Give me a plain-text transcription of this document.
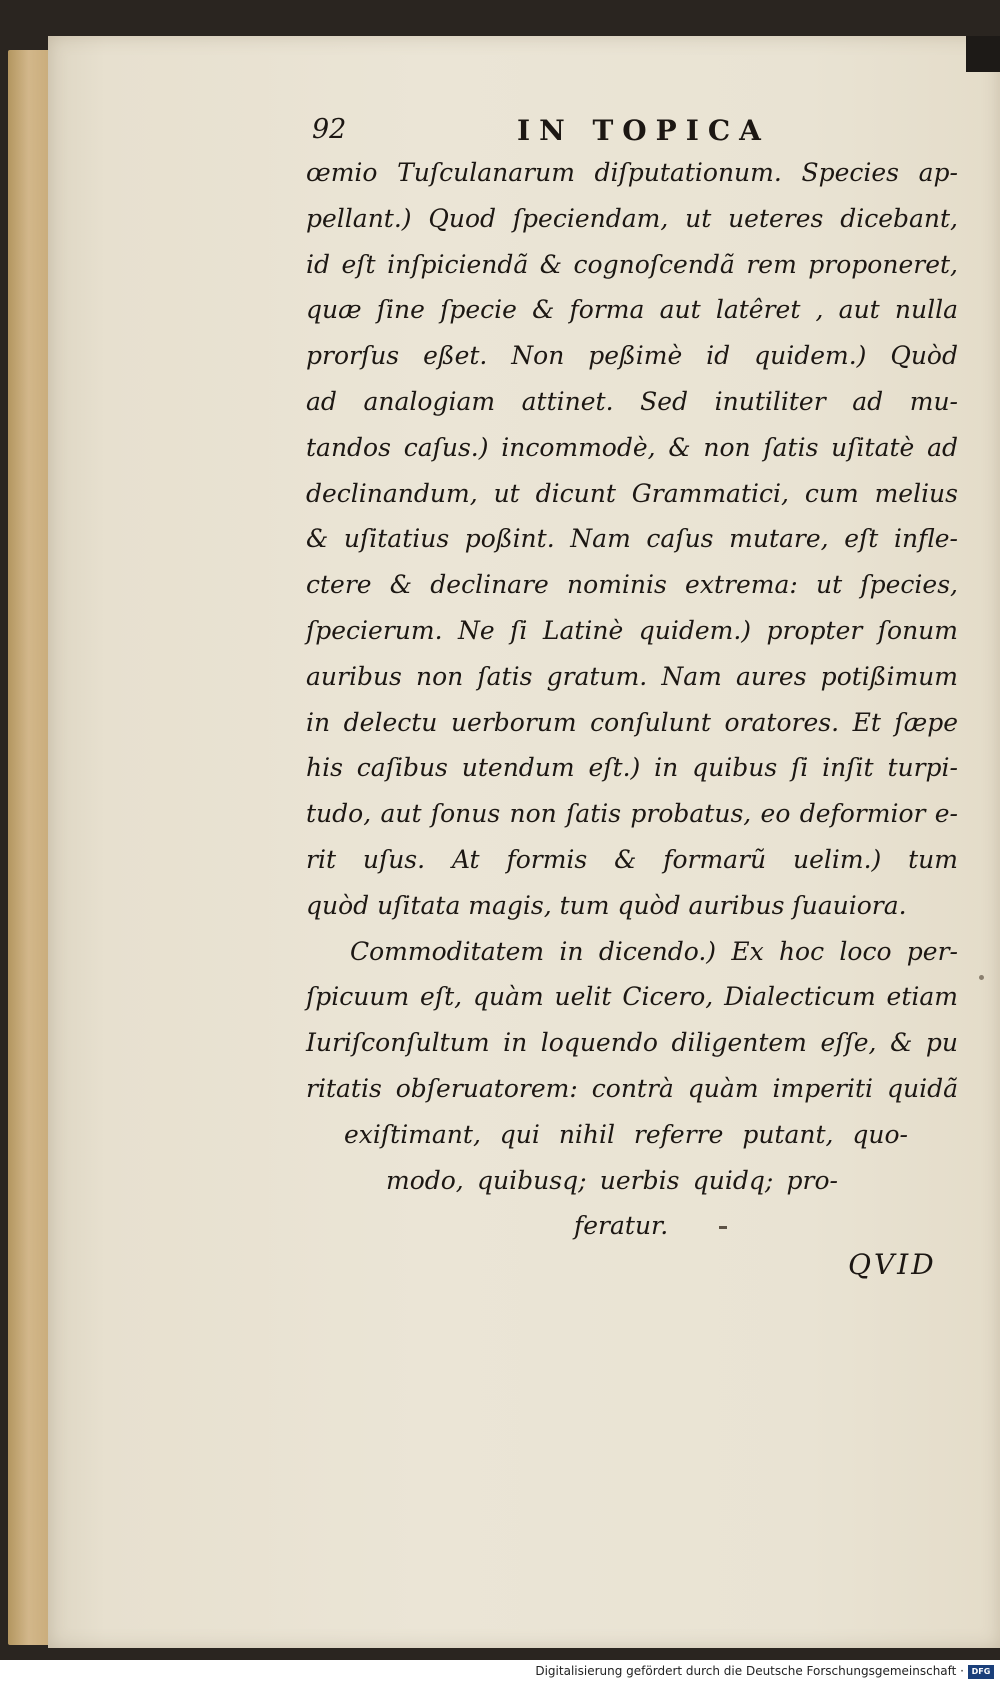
92	IN TOPICA
œmio Tuſculanarum diſputationum. Species ap-
pellant.) Quod ſpeciendam, ut ueteres dicebant,
id eſt inſpiciendã & cognoſcendã rem proponeret,
quæ ſine ſpecie & forma aut latêret , aut nulla
prorſus eßet. Non peßimè id quidem.) Quòd
ad analogiam attinet. Sed inutiliter ad mu-
tandos caſus.) incommodè, & non ſatis uſitatè ad
declinandum, ut dicunt Grammatici, cum melius
& uſitatius poßint. Nam caſus mutare, eſt infle-
ctere & declinare nominis extrema: ut ſpecies,
ſpecierum. Ne ſi Latinè quidem.) propter ſonum
auribus non ſatis gratum. Nam aures potißimum
in delectu uerborum conſulunt oratores. Et ſæpe
his caſibus utendum eſt.) in quibus ſi inſit turpi-
tudo, aut ſonus non ſatis probatus, eo deformior e-
rit uſus. At formis & formarũ uelim.) tum
quòd uſitata magis, tum quòd auribus ſuauiora.
Commoditatem in dicendo.) Ex hoc loco per-
ſpicuum eſt, quàm uelit Cicero, Dialecticum etiam
Iuriſconſultum in loquendo diligentem eſſe, & pu
ritatis obſeruatorem: contrà quàm imperiti quidã
exiſtimant, qui nihil referre putant, quo-
modo, quibusq; uerbis quidq; pro-
feratur.
QVID
Digitalisierung gefördert durch die Deutsche Forschungsgemeinschaft · DFG
